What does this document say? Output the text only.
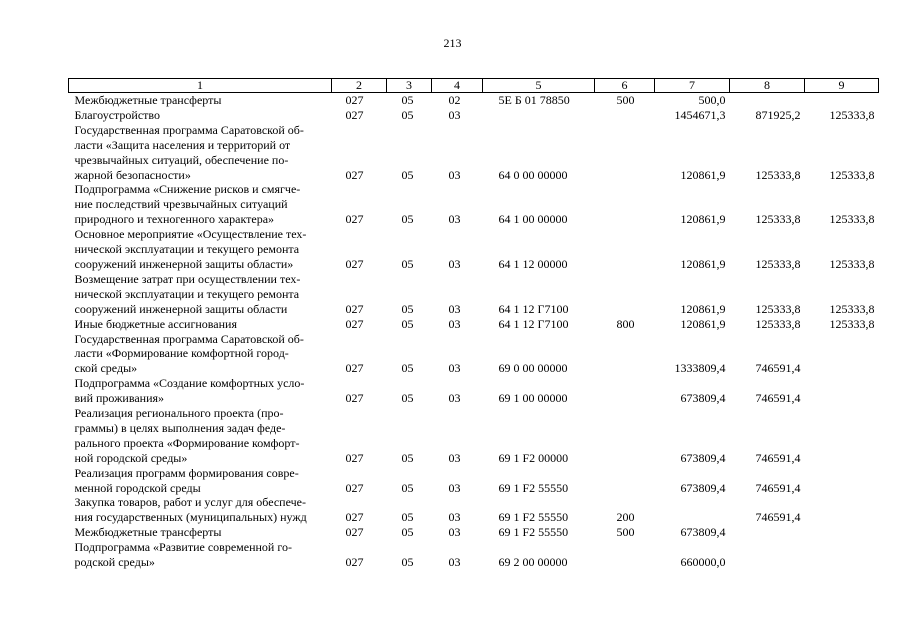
213
1	2	3	4	5	6	7	8	9

Межбюджетные трансферты	027	05	02	5Е Б 01 78850	500	500,0		

Благоустройство	027	05	03			1454671,3	871925,2	125333,8

Государственная программа Саратовской об-
ласти «Защита населения и территорий от
чрезвычайных ситуаций, обеспечение по-
жарной безопасности»	027	05	03	64 0 00 00000		120861,9	125333,8	125333,8

Подпрограмма «Снижение рисков и смягче-
ние последствий чрезвычайных ситуаций
природного и техногенного характера»	027	05	03	64 1 00 00000		120861,9	125333,8	125333,8

Основное мероприятие «Осуществление тех-
нической эксплуатации и текущего ремонта
сооружений инженерной защиты области»	027	05	03	64 1 12 00000		120861,9	125333,8	125333,8

Возмещение затрат при осуществлении тех-
нической эксплуатации и текущего ремонта
сооружений инженерной защиты области	027	05	03	64 1 12 Г7100		120861,9	125333,8	125333,8

Иные бюджетные ассигнования	027	05	03	64 1 12 Г7100	800	120861,9	125333,8	125333,8

Государственная программа Саратовской об-
ласти «Формирование комфортной город-
ской среды»	027	05	03	69 0 00 00000		1333809,4	746591,4	

Подпрограмма «Создание комфортных усло-
вий проживания»	027	05	03	69 1 00 00000		673809,4	746591,4	

Реализация регионального проекта (про-
граммы) в целях выполнения задач феде-
рального проекта «Формирование комфорт-
ной городской среды»	027	05	03	69 1 F2 00000		673809,4	746591,4	

Реализация программ формирования совре-
менной городской среды	027	05	03	69 1 F2 55550		673809,4	746591,4	

Закупка товаров, работ и услуг для обеспече-
ния государственных (муниципальных) нужд	027	05	03	69 1 F2 55550	200		746591,4	

Межбюджетные трансферты	027	05	03	69 1 F2 55550	500	673809,4		

Подпрограмма «Развитие современной го-
родской среды»	027	05	03	69 2 00 00000		660000,0		
